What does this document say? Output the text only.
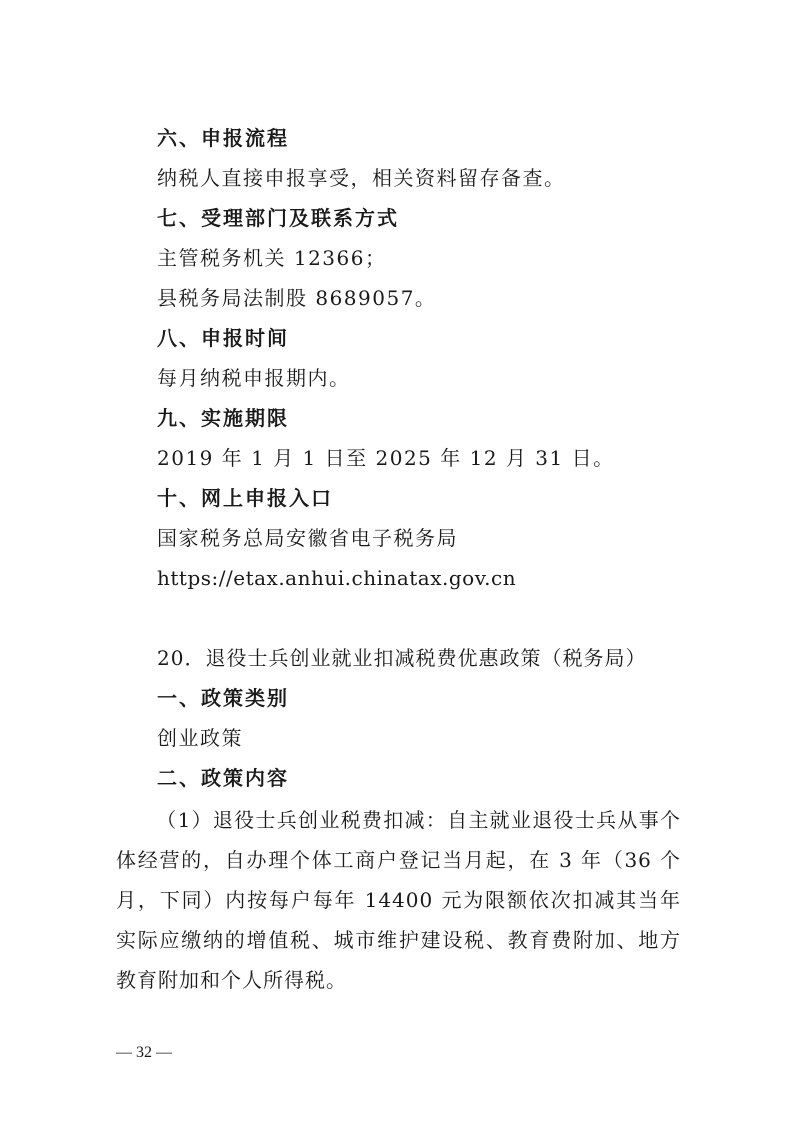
六、申报流程
纳税人直接申报享受，相关资料留存备查。
七、受理部门及联系方式
主管税务机关 12366；
县税务局法制股 8689057。
八、申报时间
每月纳税申报期内。
九、实施期限
2019 年 1 月 1 日至 2025 年 12 月 31 日。
十、网上申报入口
国家税务总局安徽省电子税务局
https://etax.anhui.chinatax.gov.cn
20．退役士兵创业就业扣减税费优惠政策（税务局）
一、政策类别
创业政策
二、政策内容
（1）退役士兵创业税费扣减：自主就业退役士兵从事个体经营的，自办理个体工商户登记当月起，在 3 年（36 个月，下同）内按每户每年 14400 元为限额依次扣减其当年实际应缴纳的增值税、城市维护建设税、教育费附加、地方教育附加和个人所得税。
— 32 —
